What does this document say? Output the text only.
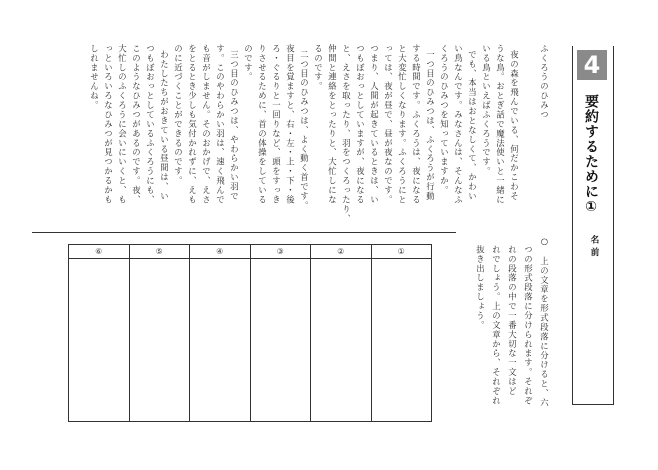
4
要約するために①
名前
○　上の文章を形式段落に分けると、六
つの形式段落に分けられます。それぞ
れの段落の中で一番大切な一文はど
れでしょう。上の文章から、それぞれ
抜き出しましょう。
ふくろうのひみつ
夜の森を飛んでいる、何だかこわそ
うな鳥。おとぎ話で魔法使いと一緒に
いる鳥といえばふくろうです。
でも、本当はおとなしくて、かわい
い鳥なんです。みなさんは、そんなふ
くろうのひみつを知っていますか。
一つ目のひみつは、ふくろうが行動
する時間です。ふくろうは、夜になる
と大変忙しくなります。ふくろうにと
っては、夜が昼で、昼が夜なのです。
つまり、人間が起きているときは、い
つもぼおっとしていますが、夜になる
と、えさを取ったり、羽をつくろったり、
仲間と連絡をとったりと、大忙しにな
るのです。
二つ目のひみつは、よく動く首です。
夜目を覚ますと、右・左・上・下・後
ろ・ぐるりと一回りなど、頭をすっき
りさせるために、首の体操をしている
のです。
三つ目のひみつは、やわらかい羽で
す。このやわらかい羽は、速く飛んで
も音がしません。そのおかげで、えさ
をとるとき少しも気付かれずに、えも
のに近づくことができるのです。
わたしたちがおきている昼間は、い
つもぼおっとしているふくろうにも、
このようなひみつがあるのです。夜、
大忙しのふくろうに会いにいくと、も
っといろいろなひみつが見つかるかも
しれませんね。
⑥	⑤	④	③	②	①
